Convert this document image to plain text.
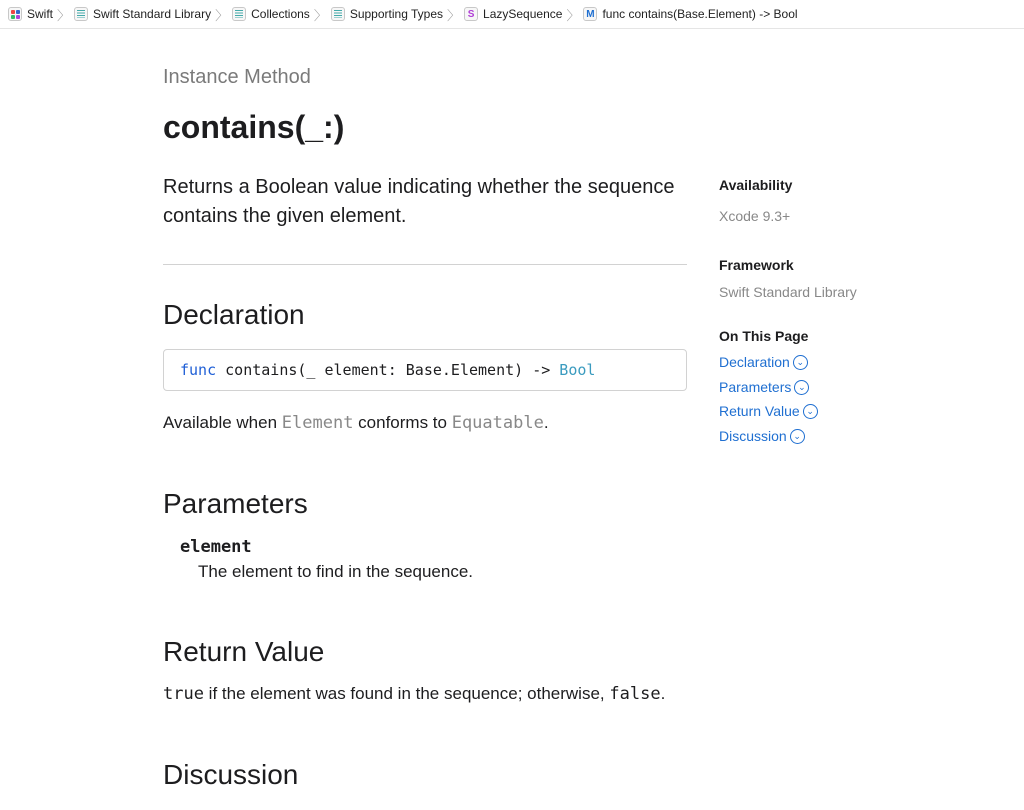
Swift 〉 Swift Standard Library 〉 Collections 〉 Supporting Types 〉 S LazySequence 〉 M func contains(Base.Element) -> Bool
Instance Method
contains(_:)
Returns a Boolean value indicating whether the sequence contains the given element.
Declaration
func contains(_ element: Base.Element) -> Bool
Available when Element conforms to Equatable.
Parameters
element
The element to find in the sequence.
Return Value
true if the element was found in the sequence; otherwise, false.
Discussion
Availability
Xcode 9.3+
Framework
Swift Standard Library
On This Page
Declaration ⌄
Parameters ⌄
Return Value ⌄
Discussion ⌄
